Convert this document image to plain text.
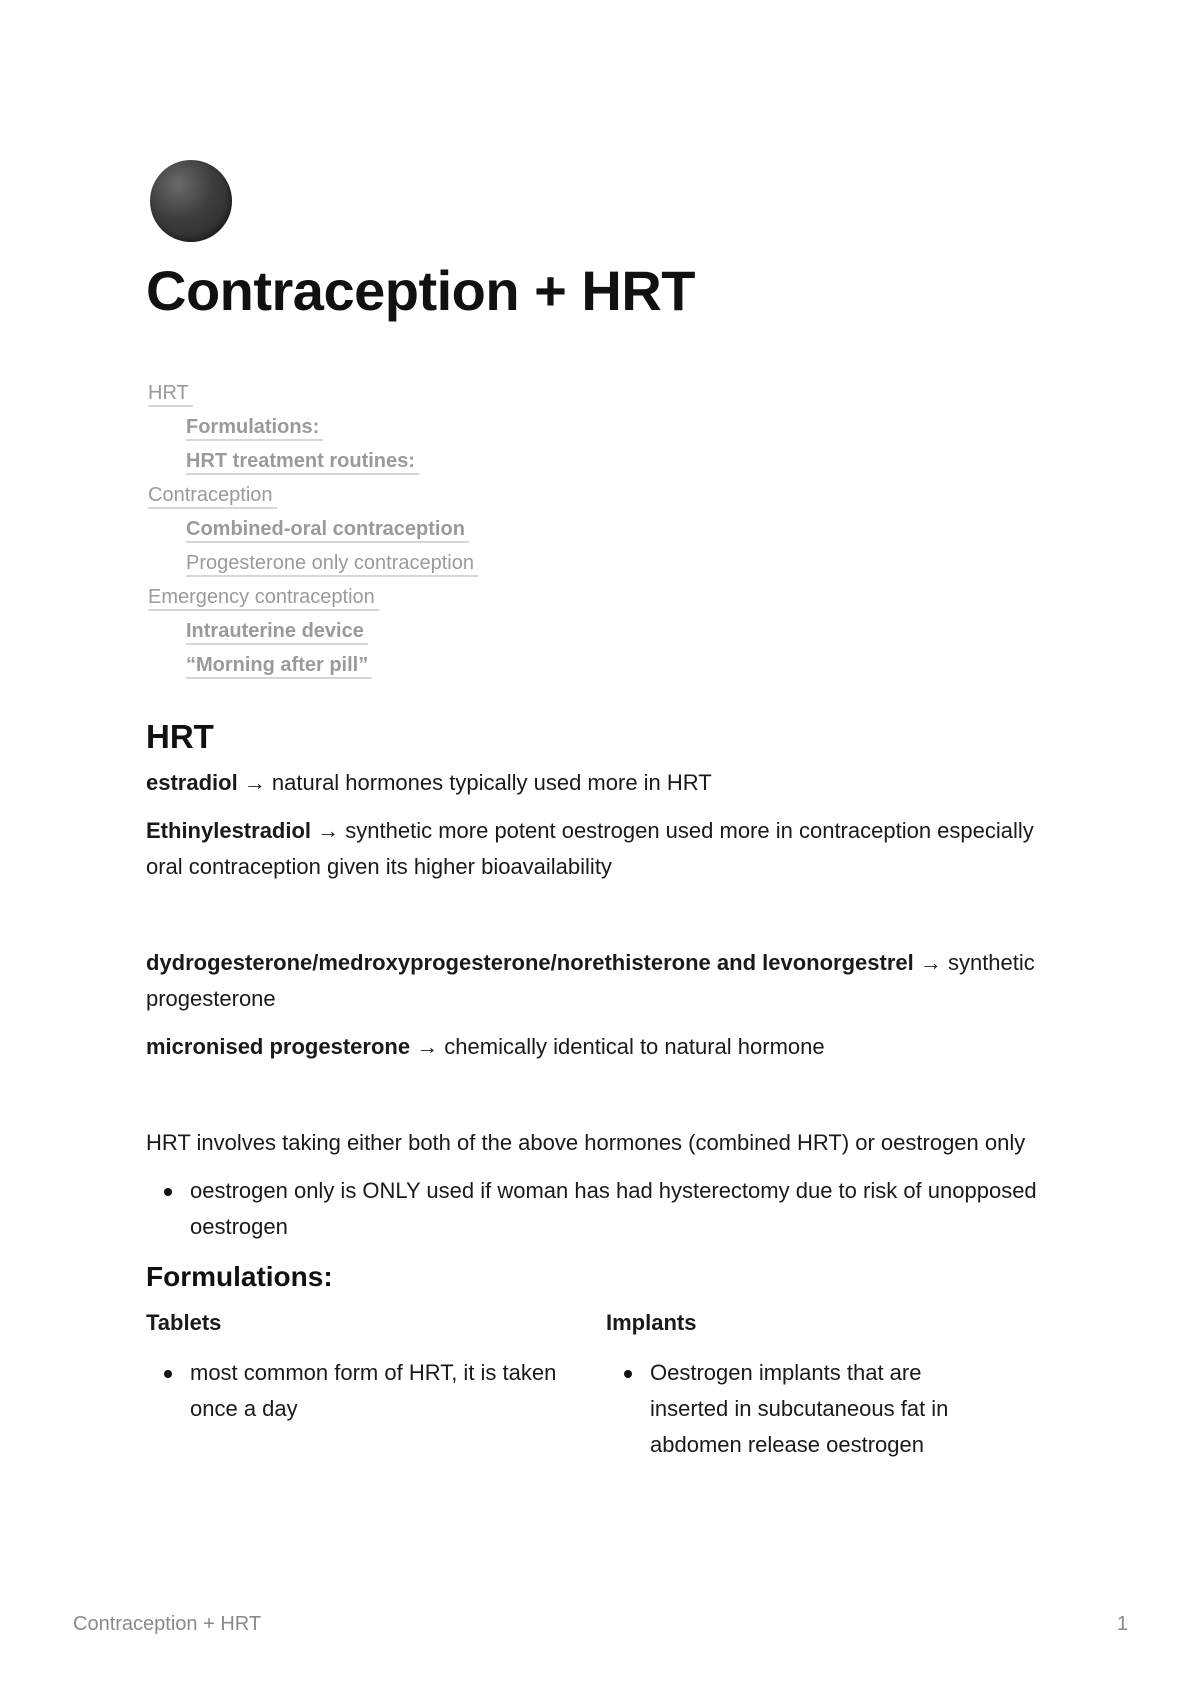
Contraception + HRT
HRT
Formulations:
HRT treatment routines:
Contraception
Combined-oral contraception
Progesterone only contraception
Emergency contraception
Intrauterine device
“Morning after pill”
HRT

estradiol → natural hormones typically used more in HRT

Ethinylestradiol → synthetic more potent oestrogen used more in contraception especially oral contraception given its higher bioavailability

dydrogesterone/medroxyprogesterone/norethisterone and levonorgestrel → synthetic progesterone

micronised progesterone → chemically identical to natural hormone

HRT involves taking either both of the above hormones (combined HRT) or oestrogen only

oestrogen only is ONLY used if woman has had hysterectomy due to risk of unopposed oestrogen
Formulations:
Tablets
most common form of HRT, it is taken once a day
Implants
Oestrogen implants that are inserted in subcutaneous fat in abdomen release oestrogen
Contraception + HRT	1
